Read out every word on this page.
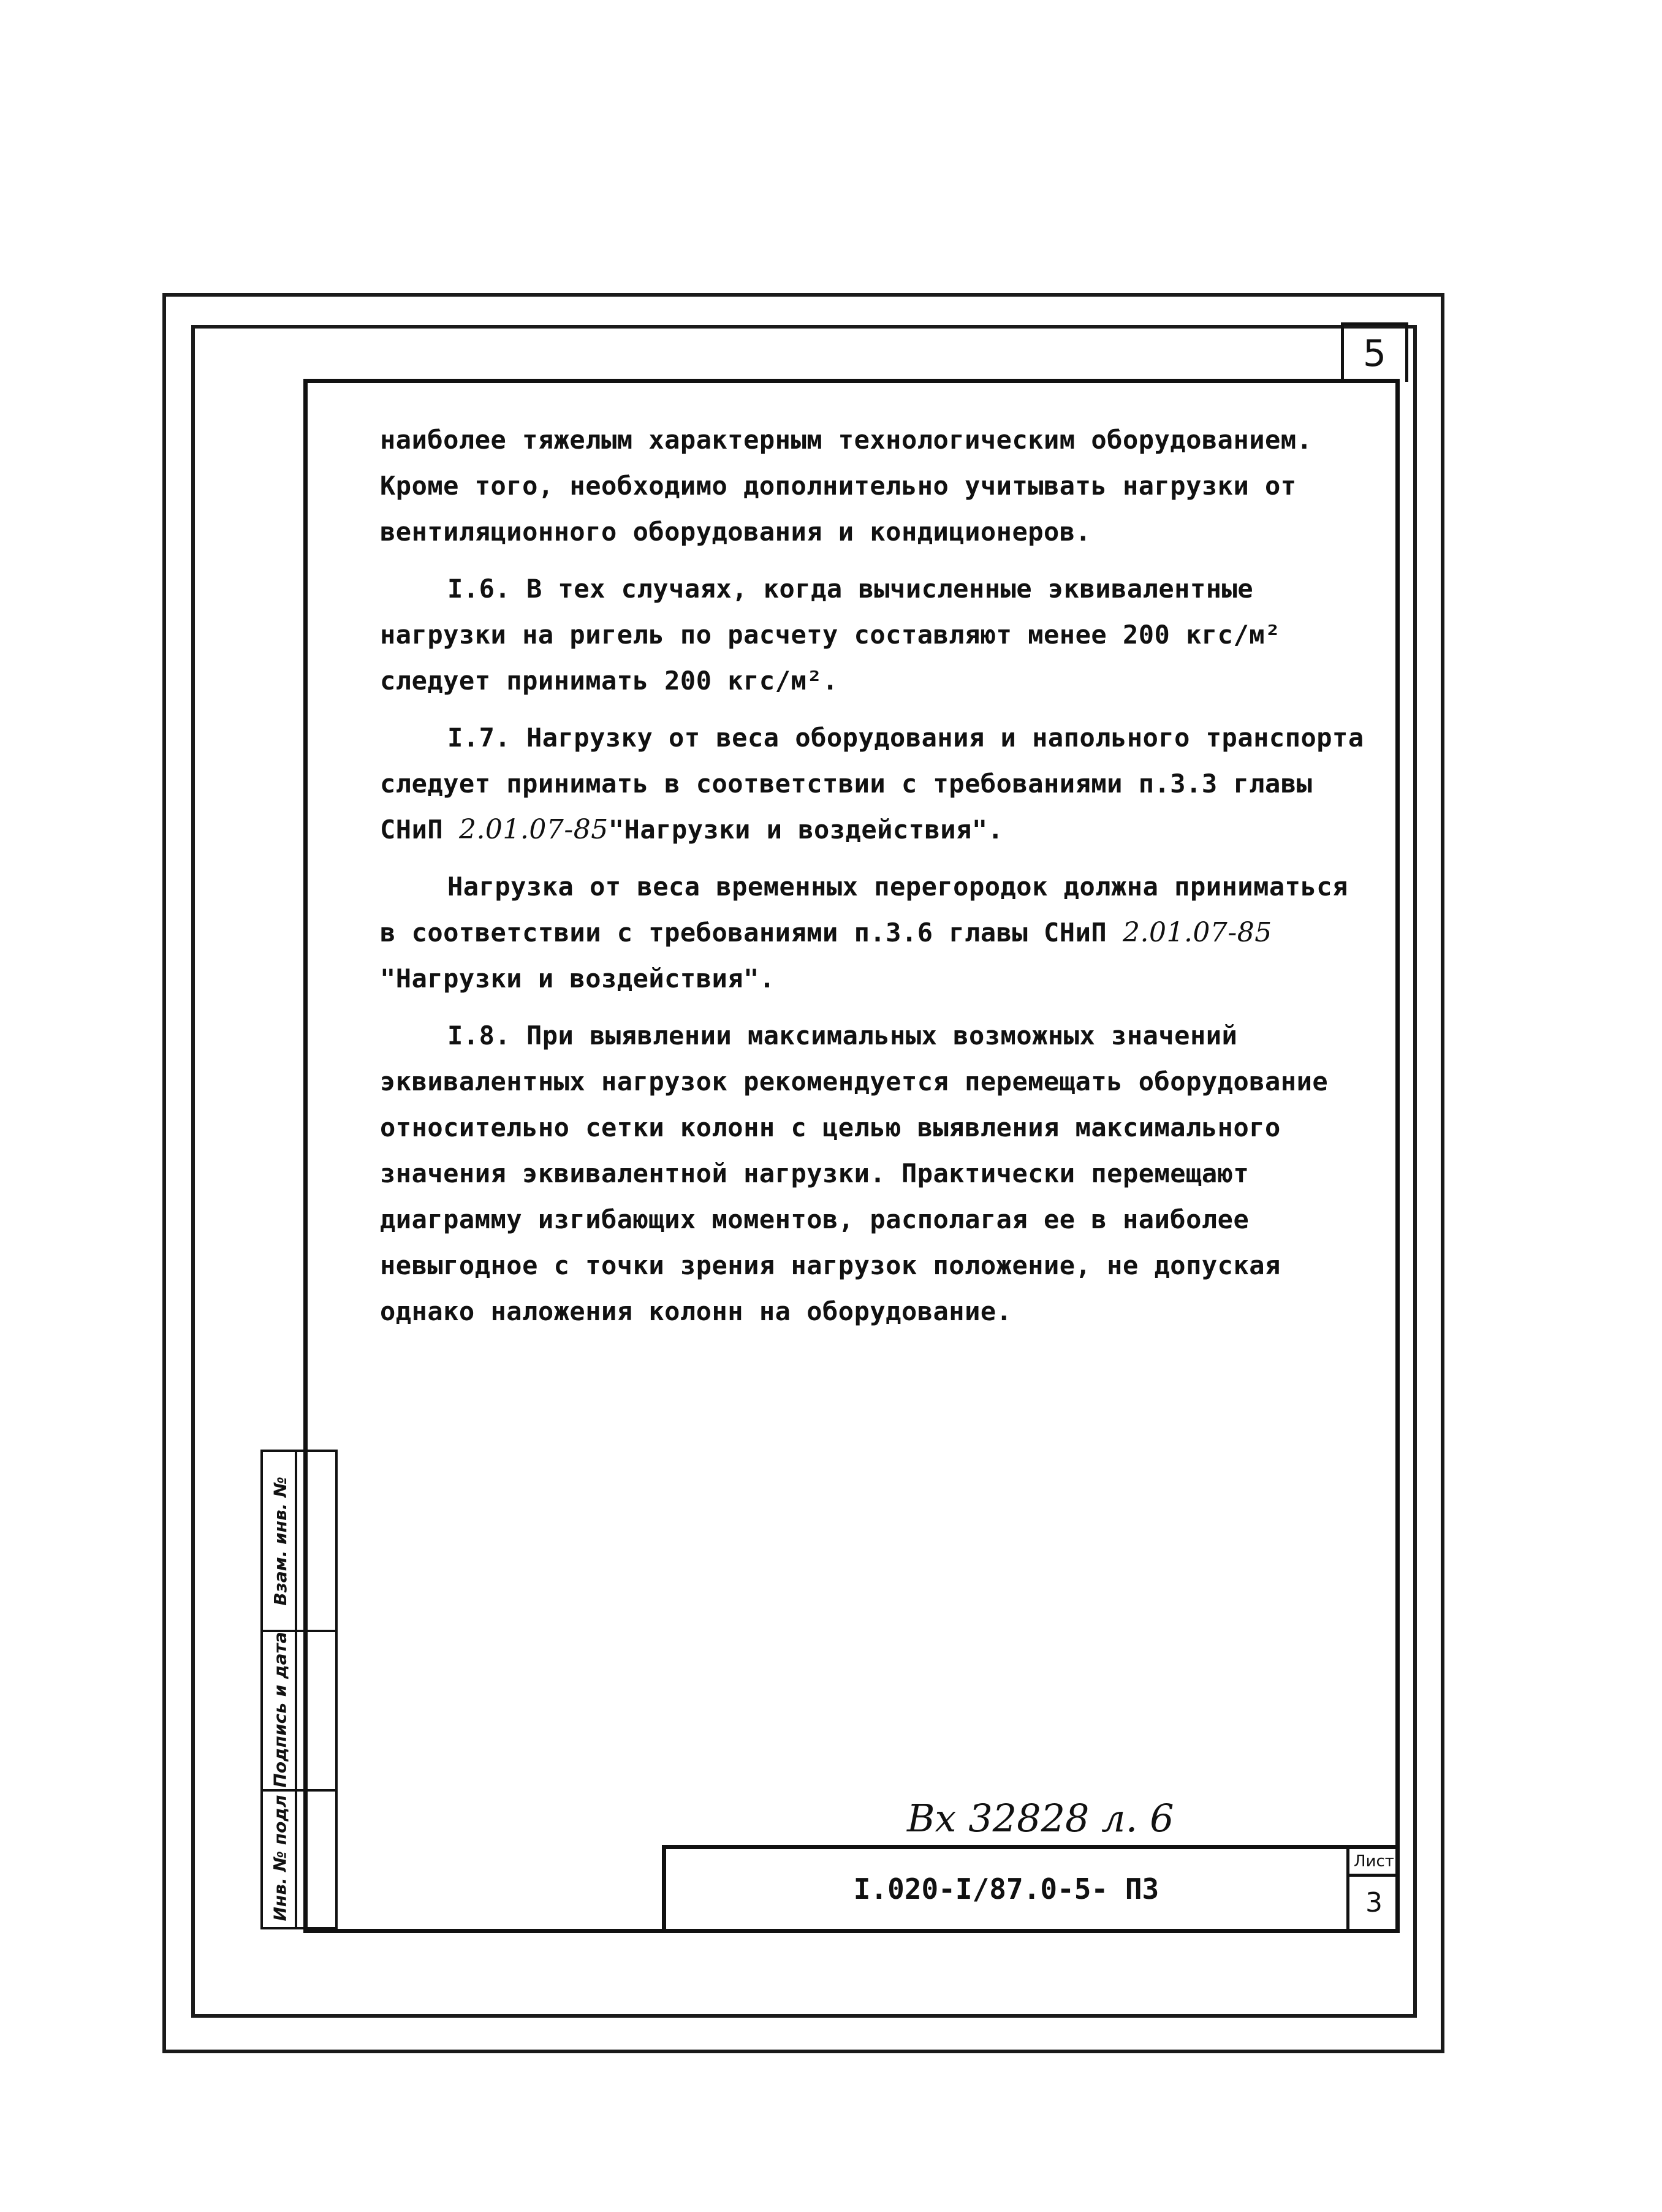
5

наиболее тяжелым характерным технологическим оборудованием. Кроме того, необходимо дополнительно учитывать нагрузки от вентиляционного оборудования и кондиционеров.

I.6. В тех случаях, когда вычисленные эквивалентные нагрузки на ригель по расчету составляют менее 200 кгс/м² следует принимать 200 кгс/м².

I.7. Нагрузку от веса оборудования и напольного транспорта следует принимать в соответствии с требованиями п.3.3 главы СНиП 2.01.07-85"Нагрузки и воздействия".

Нагрузка от веса временных перегородок должна приниматься в соответствии с требованиями п.3.6 главы СНиП 2.01.07-85 "Нагрузки и воздействия".

I.8. При выявлении максимальных возможных значений эквивалентных нагрузок рекомендуется перемещать оборудование относительно сетки колонн с целью выявления максимального значения эквивалентной нагрузки. Практически перемещают диаграмму изгибающих моментов, располагая ее в наиболее невыгодное с точки зрения нагрузок положение, не допуская однако наложения колонн на оборудование.

Взам. инв. №
Подпись и дата
Инв. № подл	Вх 32828 л. 6
I.020-I/87.0-5- ПЗ
Лист
3
